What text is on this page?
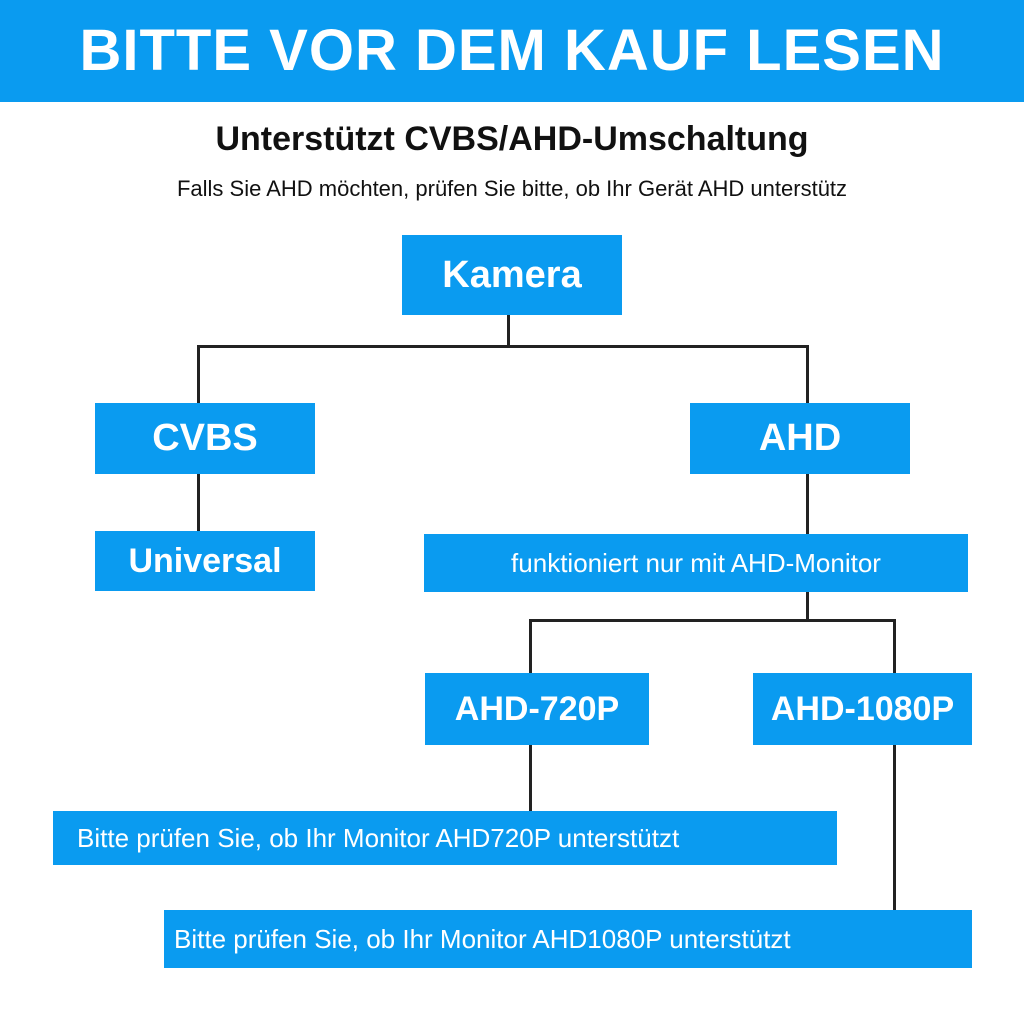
BITTE VOR DEM KAUF LESEN
Unterstützt CVBS/AHD-Umschaltung
Falls Sie AHD möchten, prüfen Sie bitte, ob Ihr Gerät AHD unterstütz
Kamera
CVBS	AHD
Universal	funktioniert nur mit AHD-Monitor
AHD-720P	AHD-1080P
Bitte prüfen Sie, ob Ihr Monitor AHD720P unterstützt
Bitte prüfen Sie, ob Ihr Monitor AHD1080P unterstützt
